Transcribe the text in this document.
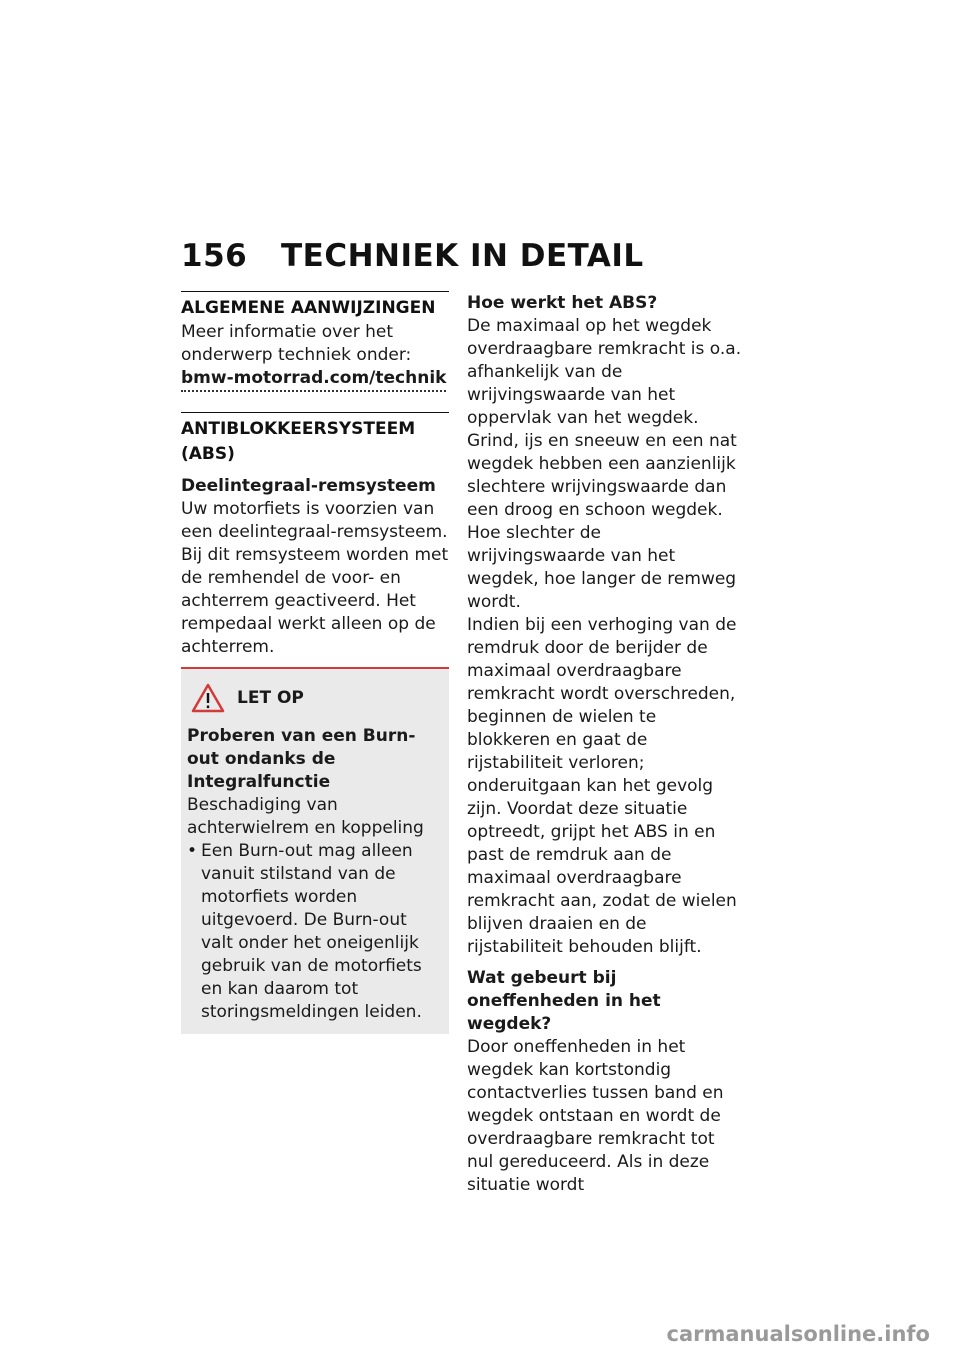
156 TECHNIEK IN DETAIL
ALGEMENE AANWIJZINGEN

Meer informatie over het onderwerp techniek onder:

bmw-motorrad.com/technik
ANTIBLOKKEERSYSTEEM (ABS)

Deelintegraal-remsysteem

Uw motorfiets is voorzien van een deelintegraal-remsysteem. Bij dit remsysteem worden met de remhendel de voor- en achterrem geactiveerd. Het rempedaal werkt alleen op de achterrem.

LET OP

Proberen van een Burn-out ondanks de Integralfunctie

Beschadiging van achterwielrem en koppeling

• Een Burn-out mag alleen vanuit stilstand van de motorfiets worden uitgevoerd. De Burn-out valt onder het oneigenlijk gebruik van de motorfiets en kan daarom tot storingsmeldingen leiden.

Hoe werkt het ABS?

De maximaal op het wegdek overdraagbare remkracht is o.a. afhankelijk van de wrijvingswaarde van het oppervlak van het wegdek. Grind, ijs en sneeuw en een nat wegdek hebben een aanzienlijk slechtere wrijvingswaarde dan een droog en schoon wegdek. Hoe slechter de wrijvingswaarde van het wegdek, hoe langer de remweg wordt.

Indien bij een verhoging van de remdruk door de berijder de maximaal overdraagbare remkracht wordt overschreden, beginnen de wielen te blokkeren en gaat de rijstabiliteit verloren; onderuitgaan kan het gevolg zijn. Voordat deze situatie optreedt, grijpt het ABS in en past de remdruk aan de maximaal overdraagbare remkracht aan, zodat de wielen blijven draaien en de rijstabiliteit behouden blijft.

Wat gebeurt bij oneffenheden in het wegdek?

Door oneffenheden in het wegdek kan kortstondig contactverlies tussen band en wegdek ontstaan en wordt de overdraagbare remkracht tot nul gereduceerd. Als in deze situatie wordt

carmanualsonline.info
